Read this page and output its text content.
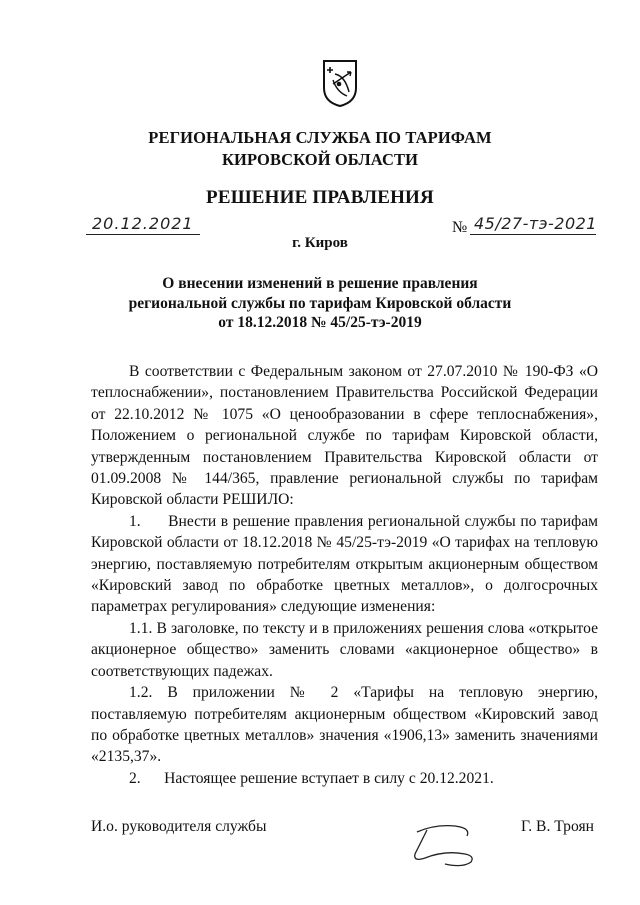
РЕГИОНАЛЬНАЯ СЛУЖБА ПО ТАРИФАМ
КИРОВСКОЙ ОБЛАСТИ
РЕШЕНИЕ ПРАВЛЕНИЯ
20.12.2021	№ 45/27-тэ-2021
г. Киров
О внесении изменений в решение правления
региональной службы по тарифам Кировской области
от 18.12.2018 № 45/25-тэ-2019

В соответствии с Федеральным законом от 27.07.2010 № 190-ФЗ «О теплоснабжении», постановлением Правительства Российской Федерации от 22.10.2012 № 1075 «О ценообразовании в сфере теплоснабжения», Положением о региональной службе по тарифам Кировской области, утвержденным постановлением Правительства Кировской области от 01.09.2008 № 144/365, правление региональной службы по тарифам Кировской области РЕШИЛО:

1.      Внести в решение правления региональной службы по тарифам Кировской области от 18.12.2018 № 45/25-тэ-2019 «О тарифах на тепловую энергию, поставляемую потребителям открытым акционерным обществом «Кировский завод по обработке цветных металлов», о долгосрочных параметрах регулирования» следующие изменения:

1.1. В заголовке, по тексту и в приложениях решения слова «открытое акционерное общество» заменить словами «акционерное общество» в соответствующих падежах.

1.2. В приложении № 2 «Тарифы на тепловую энергию, поставляемую потребителям акционерным обществом «Кировский завод по обработке цветных металлов» значения «1906,13» заменить значениями «2135,37».

2.      Настоящее решение вступает в силу с 20.12.2021.

И.о. руководителя службы	Г. В. Троян
